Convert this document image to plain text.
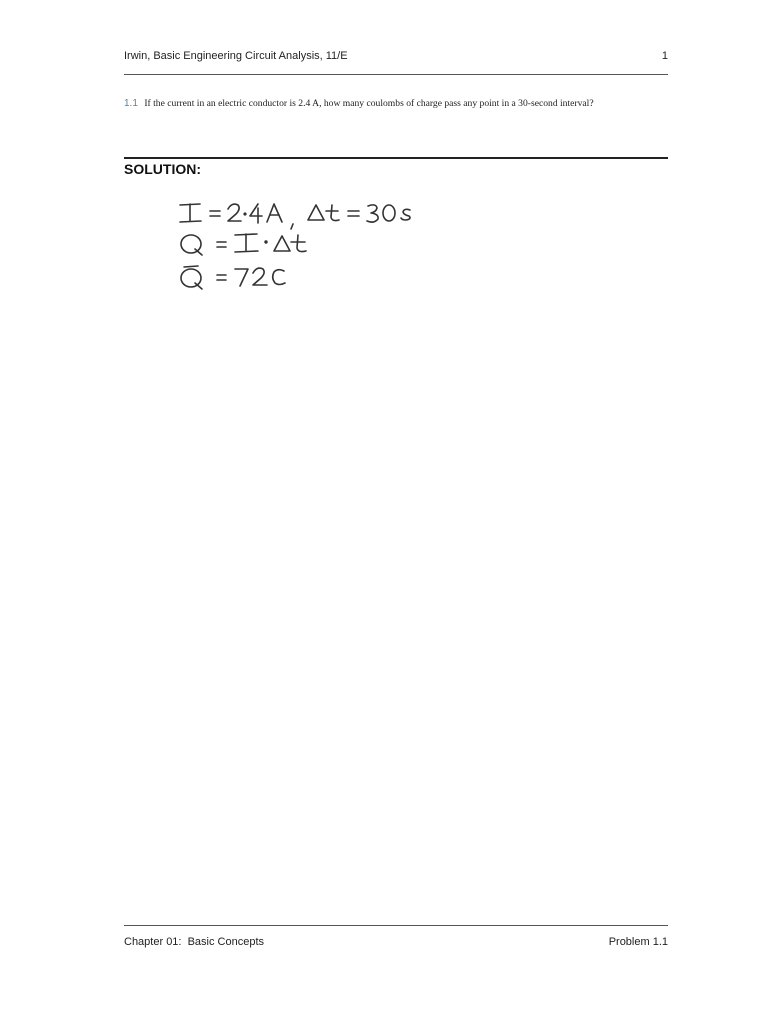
Irwin, Basic Engineering Circuit Analysis, 11/E	1
1.1 If the current in an electric conductor is 2.4 A, how many coulombs of charge pass any point in a 30-second interval?
SOLUTION:
Chapter 01:  Basic Concepts	Problem 1.1
